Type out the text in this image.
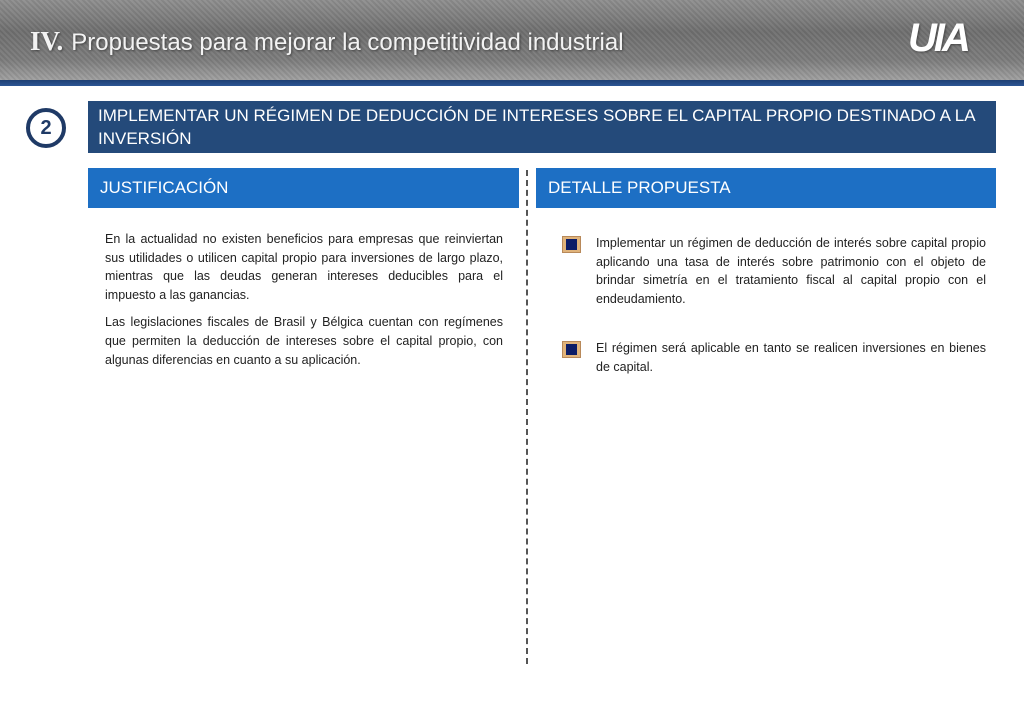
IV. Propuestas para mejorar la competitividad industrial	UIA
2
IMPLEMENTAR UN RÉGIMEN DE DEDUCCIÓN DE INTERESES SOBRE EL CAPITAL PROPIO DESTINADO A LA INVERSIÓN
JUSTIFICACIÓN	DETALLE PROPUESTA

En la actualidad no existen beneficios para empresas que reinviertan sus utilidades o utilicen capital propio para inversiones de largo plazo, mientras que las deudas generan intereses deducibles para el impuesto a las ganancias.

Las legislaciones fiscales de Brasil y Bélgica cuentan con regímenes que permiten la deducción de intereses sobre el capital propio, con algunas diferencias en cuanto a su aplicación.

Implementar un régimen de deducción de interés sobre capital propio aplicando una tasa de interés sobre patrimonio con el objeto de brindar simetría en el tratamiento fiscal al capital propio con el endeudamiento.

El régimen será aplicable en tanto se realicen inversiones en bienes de capital.
